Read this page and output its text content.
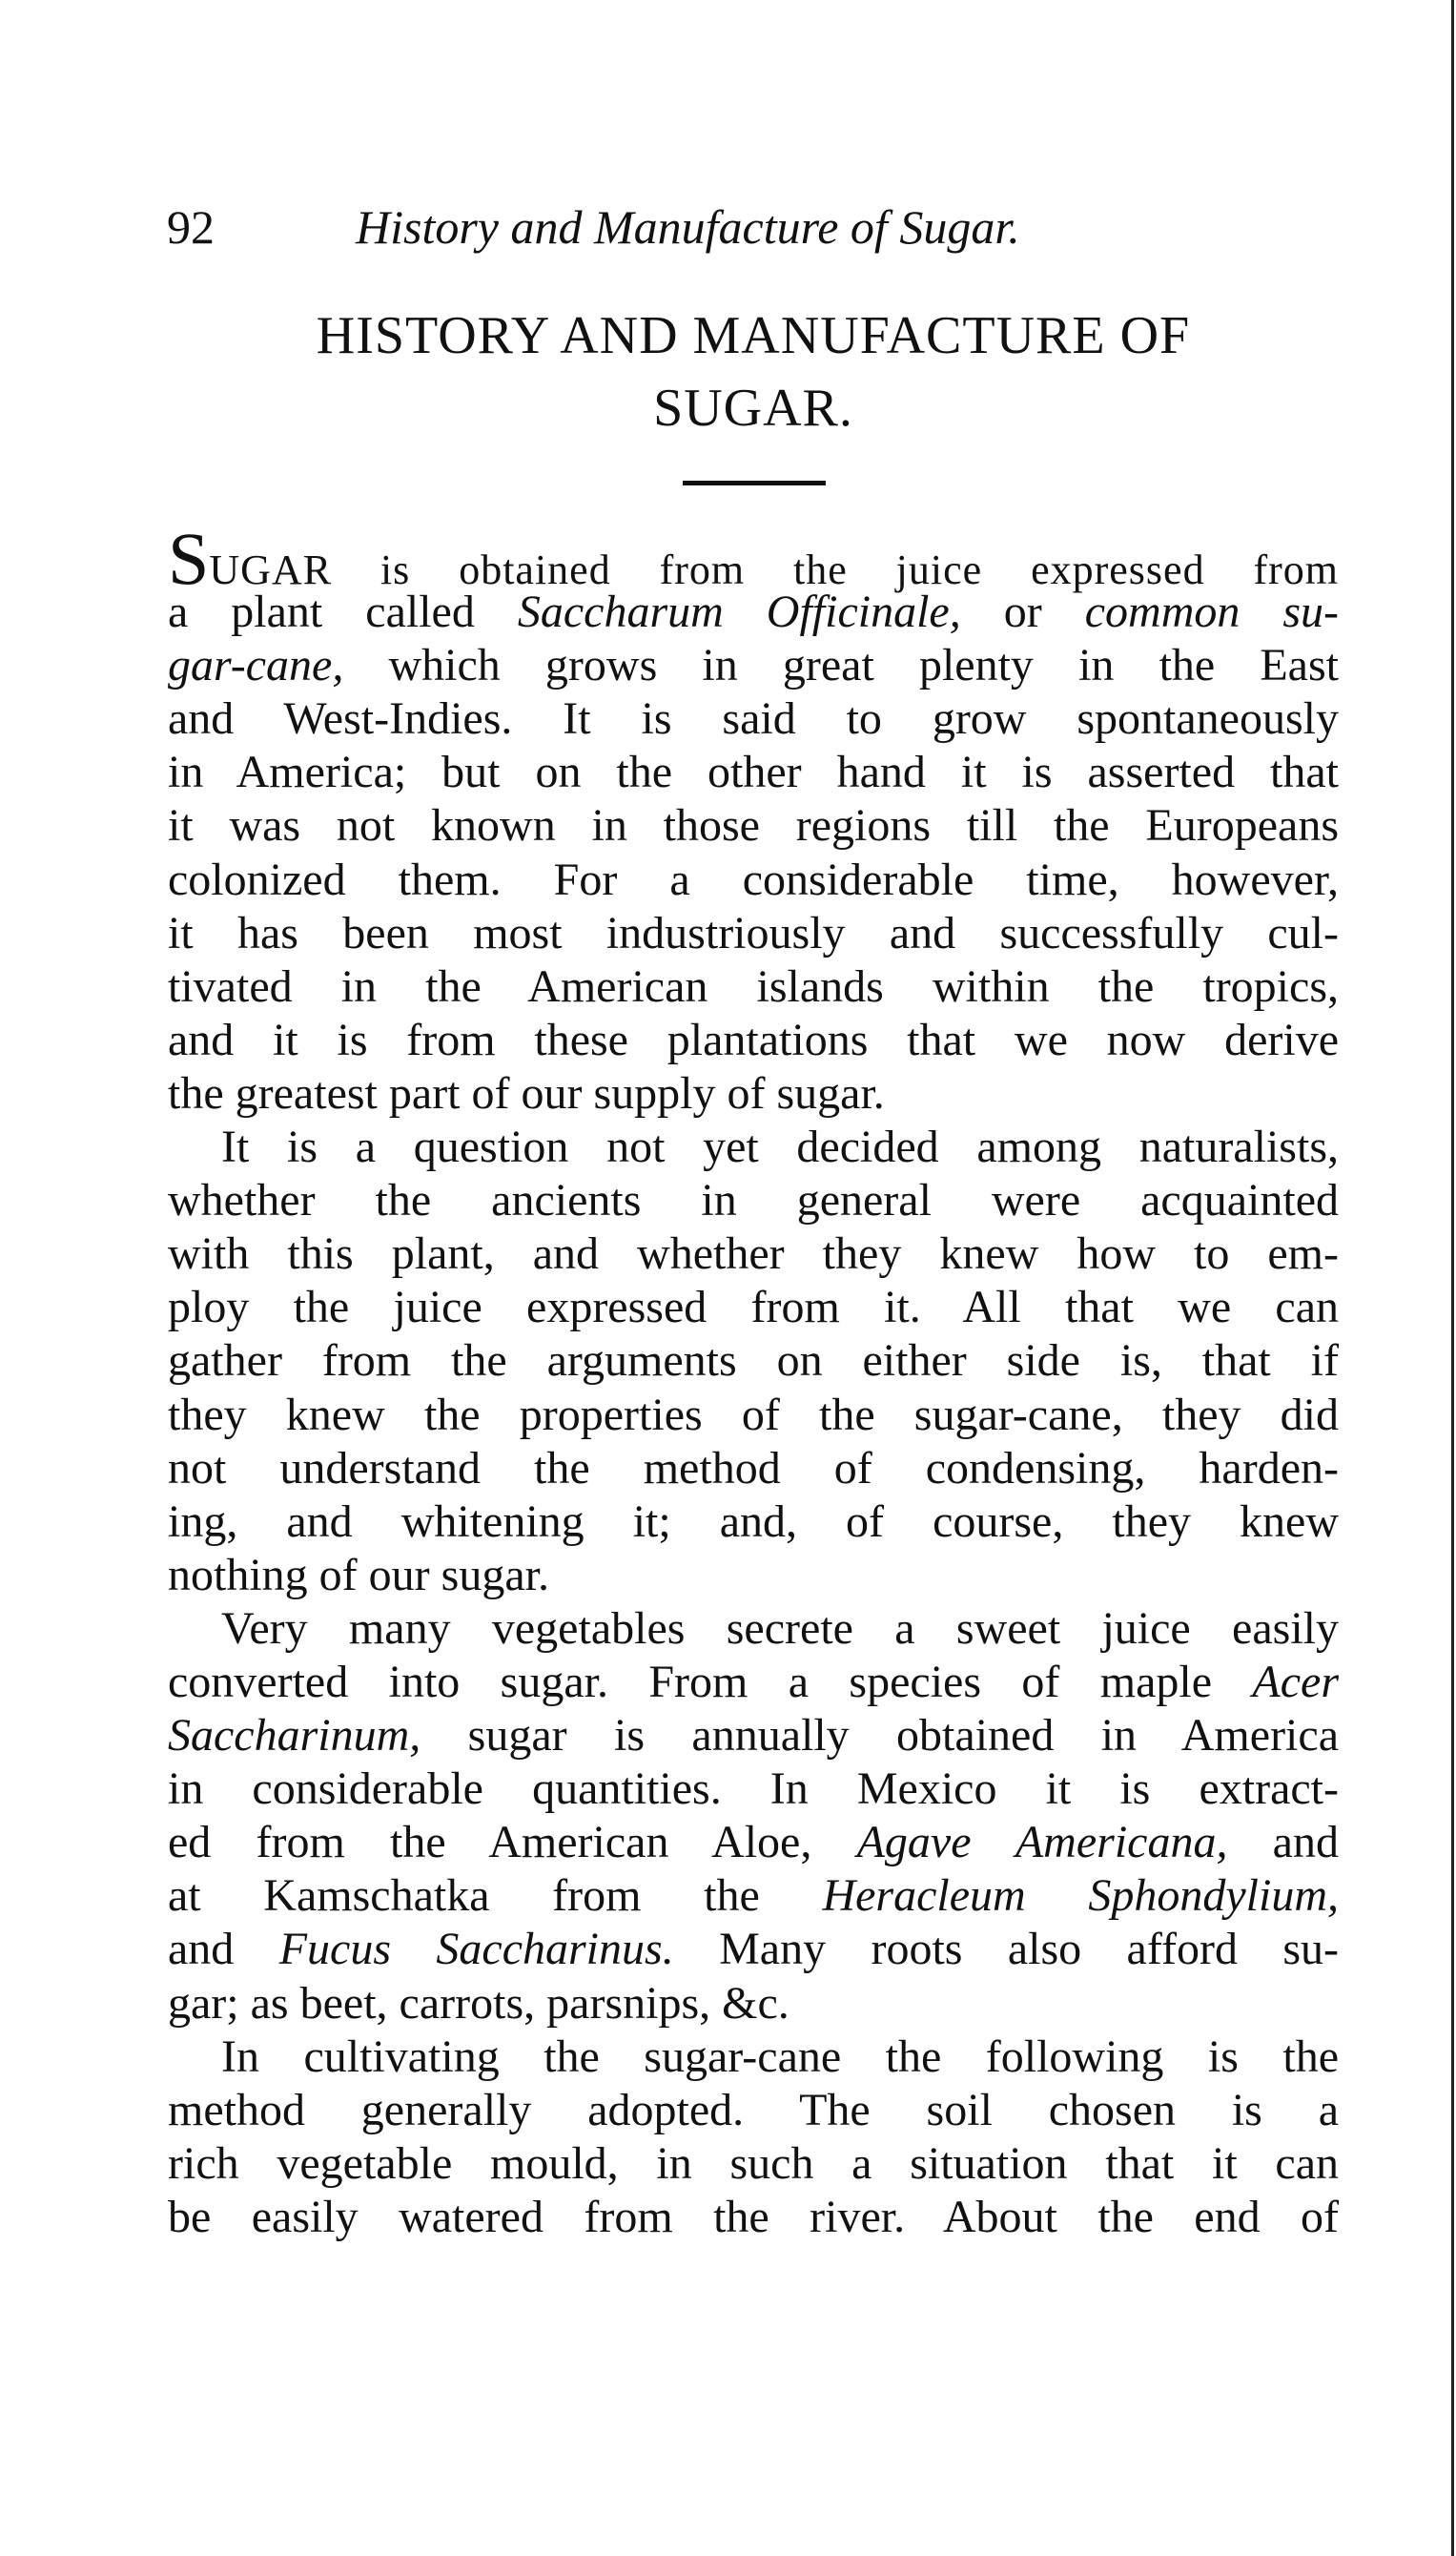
92	History and Manufacture of Sugar.
HISTORY AND MANUFACTURE OF
SUGAR.
SUGAR is obtained from the juice expressed from
a plant called Saccharum Officinale, or common su-
gar-cane, which grows in great plenty in the East
and West-Indies. It is said to grow spontaneously
in America; but on the other hand it is asserted that
it was not known in those regions till the Europeans
colonized them. For a considerable time, however,
it has been most industriously and successfully cul-
tivated in the American islands within the tropics,
and it is from these plantations that we now derive
the greatest part of our supply of sugar.
It is a question not yet decided among naturalists,
whether the ancients in general were acquainted
with this plant, and whether they knew how to em-
ploy the juice expressed from it. All that we can
gather from the arguments on either side is, that if
they knew the properties of the sugar-cane, they did
not understand the method of condensing, harden-
ing, and whitening it; and, of course, they knew
nothing of our sugar.
Very many vegetables secrete a sweet juice easily
converted into sugar. From a species of maple Acer
Saccharinum, sugar is annually obtained in America
in considerable quantities. In Mexico it is extract-
ed from the American Aloe, Agave Americana, and
at Kamschatka from the Heracleum Sphondylium,
and Fucus Saccharinus. Many roots also afford su-
gar; as beet, carrots, parsnips, &c.
In cultivating the sugar-cane the following is the
method generally adopted. The soil chosen is a
rich vegetable mould, in such a situation that it can
be easily watered from the river. About the end of
